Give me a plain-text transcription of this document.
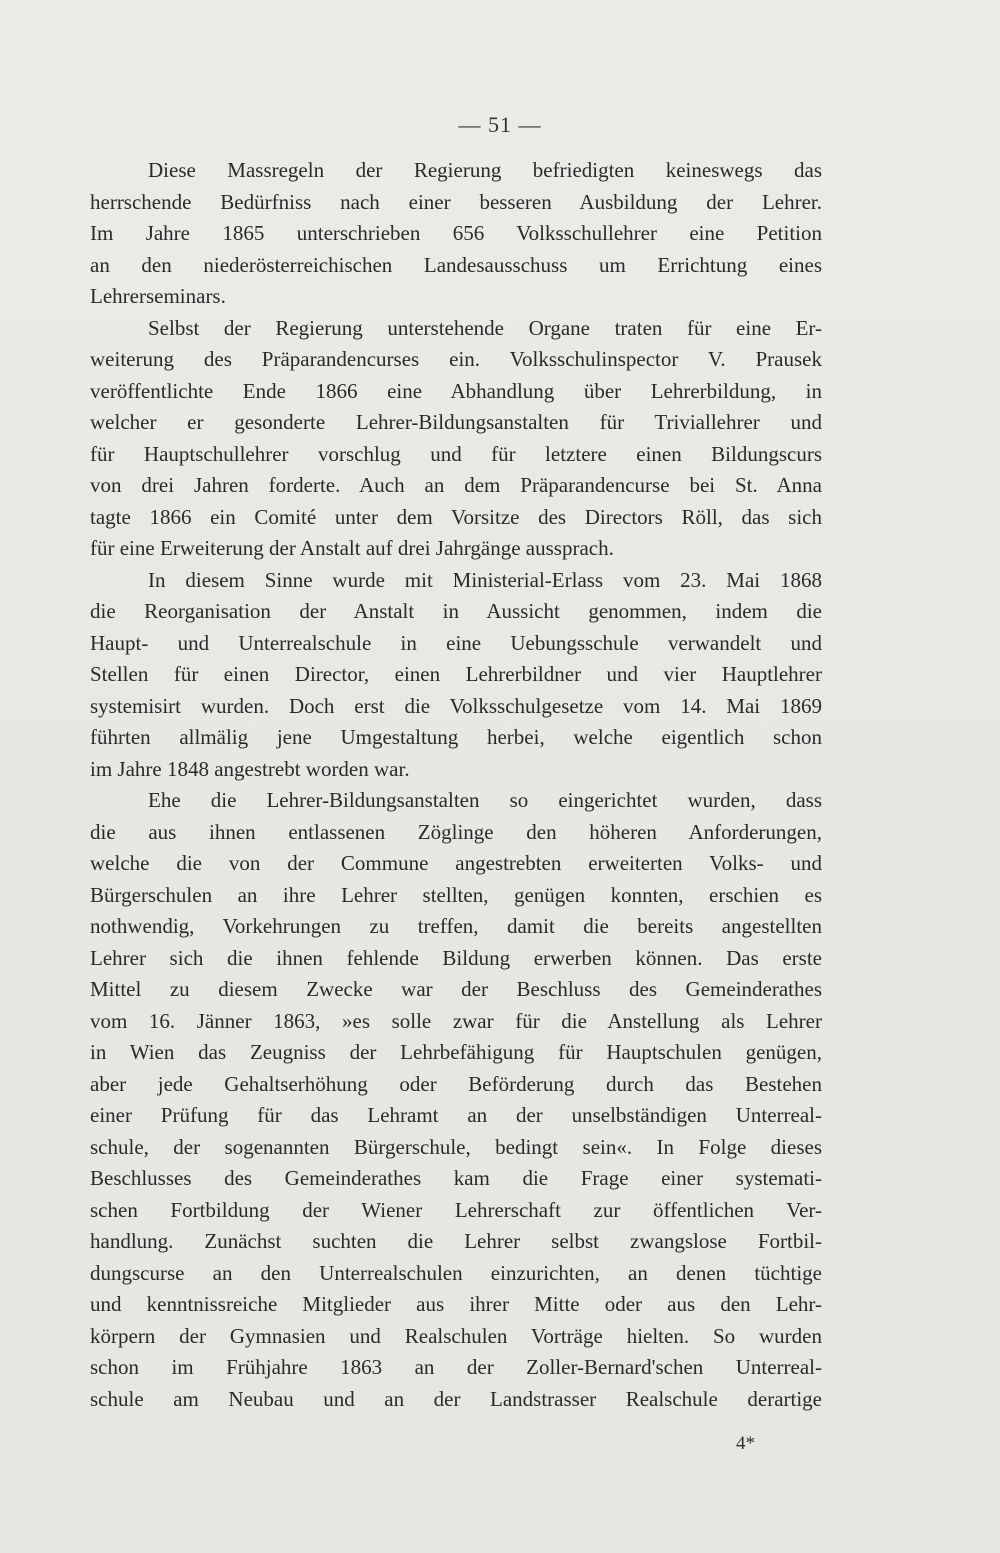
— 51 —
Diese Massregeln der Regierung befriedigten keineswegs das
herrschende Bedürfniss nach einer besseren Ausbildung der Lehrer.
Im Jahre 1865 unterschrieben 656 Volksschullehrer eine Petition
an den niederösterreichischen Landesausschuss um Errichtung eines
Lehrerseminars.
Selbst der Regierung unterstehende Organe traten für eine Er-
weiterung des Präparandencurses ein. Volksschulinspector V. Prausek
veröffentlichte Ende 1866 eine Abhandlung über Lehrerbildung, in
welcher er gesonderte Lehrer-Bildungsanstalten für Triviallehrer und
für Hauptschullehrer vorschlug und für letztere einen Bildungscurs
von drei Jahren forderte. Auch an dem Präparandencurse bei St. Anna
tagte 1866 ein Comité unter dem Vorsitze des Directors Röll, das sich
für eine Erweiterung der Anstalt auf drei Jahrgänge aussprach.
In diesem Sinne wurde mit Ministerial-Erlass vom 23. Mai 1868
die Reorganisation der Anstalt in Aussicht genommen, indem die
Haupt- und Unterrealschule in eine Uebungsschule verwandelt und
Stellen für einen Director, einen Lehrerbildner und vier Hauptlehrer
systemisirt wurden. Doch erst die Volksschulgesetze vom 14. Mai 1869
führten allmälig jene Umgestaltung herbei, welche eigentlich schon
im Jahre 1848 angestrebt worden war.
Ehe die Lehrer-Bildungsanstalten so eingerichtet wurden, dass
die aus ihnen entlassenen Zöglinge den höheren Anforderungen,
welche die von der Commune angestrebten erweiterten Volks- und
Bürgerschulen an ihre Lehrer stellten, genügen konnten, erschien es
nothwendig, Vorkehrungen zu treffen, damit die bereits angestellten
Lehrer sich die ihnen fehlende Bildung erwerben können. Das erste
Mittel zu diesem Zwecke war der Beschluss des Gemeinderathes
vom 16. Jänner 1863, »es solle zwar für die Anstellung als Lehrer
in Wien das Zeugniss der Lehrbefähigung für Hauptschulen genügen,
aber jede Gehaltserhöhung oder Beförderung durch das Bestehen
einer Prüfung für das Lehramt an der unselbständigen Unterreal-
schule, der sogenannten Bürgerschule, bedingt sein«. In Folge dieses
Beschlusses des Gemeinderathes kam die Frage einer systemati-
schen Fortbildung der Wiener Lehrerschaft zur öffentlichen Ver-
handlung. Zunächst suchten die Lehrer selbst zwangslose Fortbil-
dungscurse an den Unterrealschulen einzurichten, an denen tüchtige
und kenntnissreiche Mitglieder aus ihrer Mitte oder aus den Lehr-
körpern der Gymnasien und Realschulen Vorträge hielten. So wurden
schon im Frühjahre 1863 an der Zoller-Bernard'schen Unterreal-
schule am Neubau und an der Landstrasser Realschule derartige
4*
